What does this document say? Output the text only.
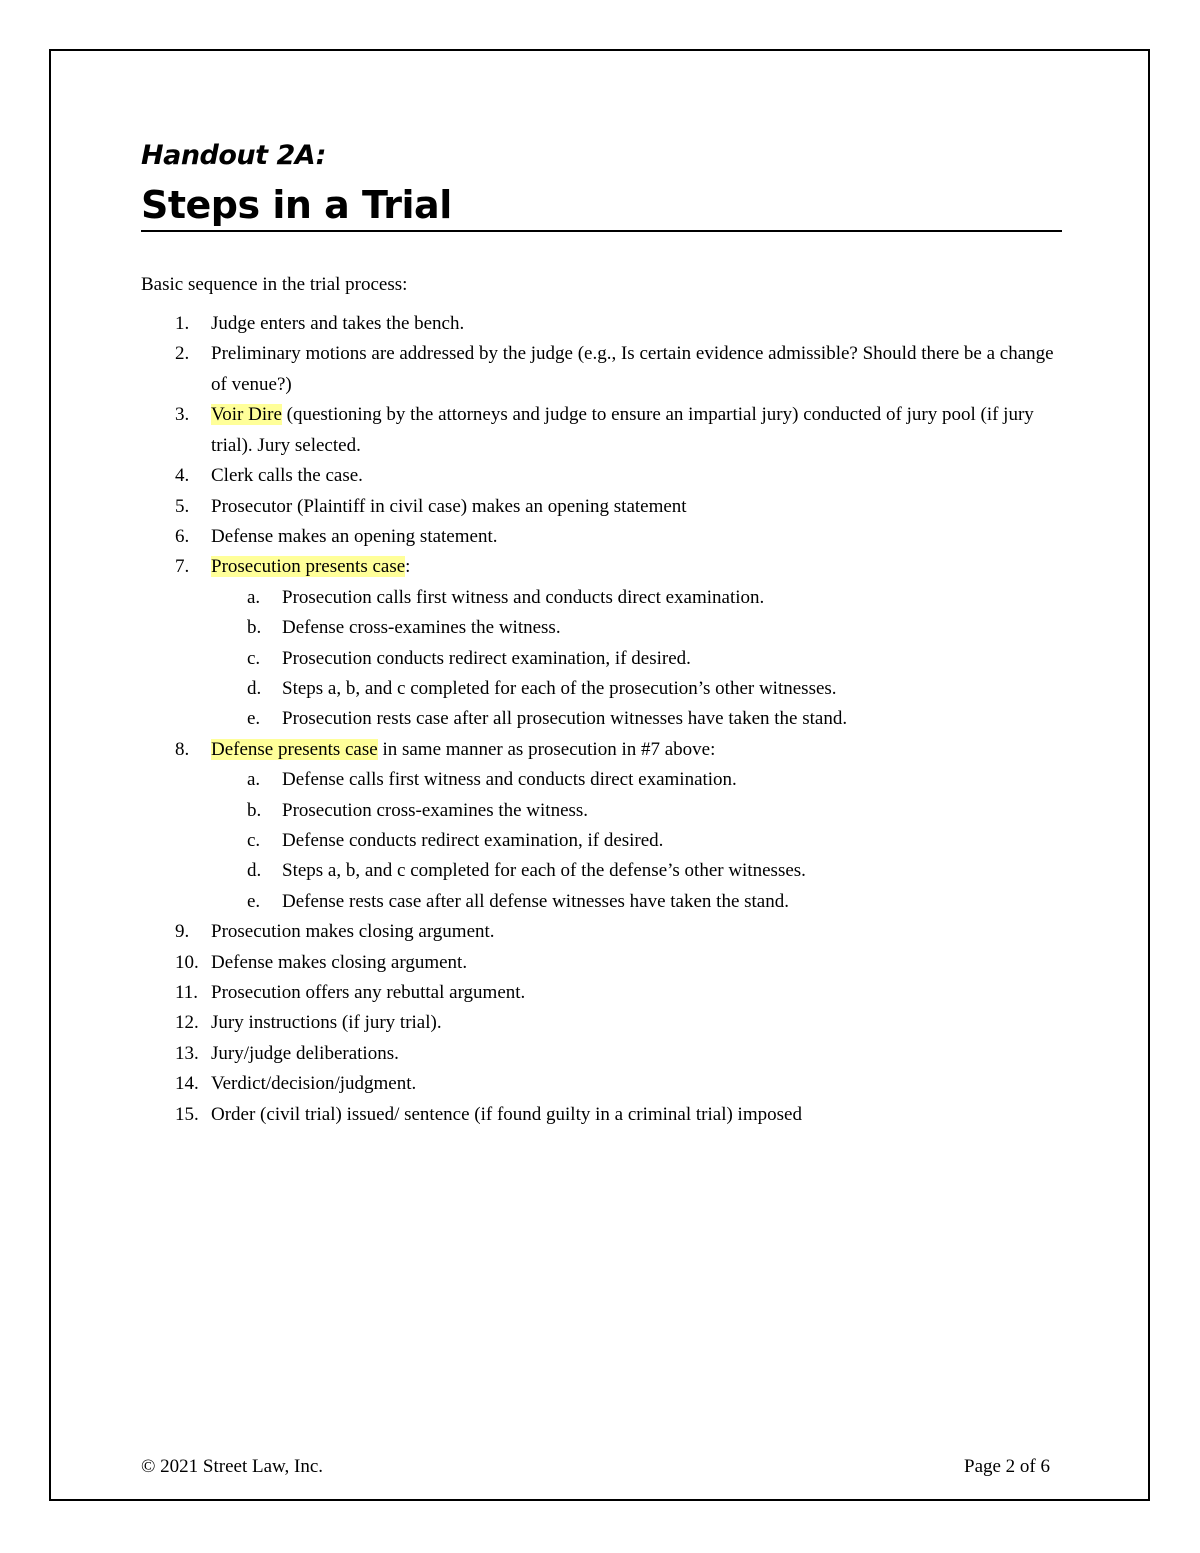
Handout 2A:

Steps in a Trial

Basic sequence in the trial process:

1. Judge enters and takes the bench.
2. Preliminary motions are addressed by the judge (e.g., Is certain evidence admissible? Should there be a change of venue?)
3. Voir Dire (questioning by the attorneys and judge to ensure an impartial jury) conducted of jury pool (if jury trial). Jury selected.
4. Clerk calls the case.
5. Prosecutor (Plaintiff in civil case) makes an opening statement
6. Defense makes an opening statement.
7. Prosecution presents case:
a. Prosecution calls first witness and conducts direct examination.
b. Defense cross-examines the witness.
c. Prosecution conducts redirect examination, if desired.
d. Steps a, b, and c completed for each of the prosecution’s other witnesses.
e. Prosecution rests case after all prosecution witnesses have taken the stand.
8. Defense presents case in same manner as prosecution in #7 above:
a. Defense calls first witness and conducts direct examination.
b. Prosecution cross-examines the witness.
c. Defense conducts redirect examination, if desired.
d. Steps a, b, and c completed for each of the defense’s other witnesses.
e. Defense rests case after all defense witnesses have taken the stand.
9. Prosecution makes closing argument.
10. Defense makes closing argument.
11. Prosecution offers any rebuttal argument.
12. Jury instructions (if jury trial).
13. Jury/judge deliberations.
14. Verdict/decision/judgment.
15. Order (civil trial) issued/ sentence (if found guilty in a criminal trial) imposed
© 2021 Street Law, Inc.	Page 2 of 6
